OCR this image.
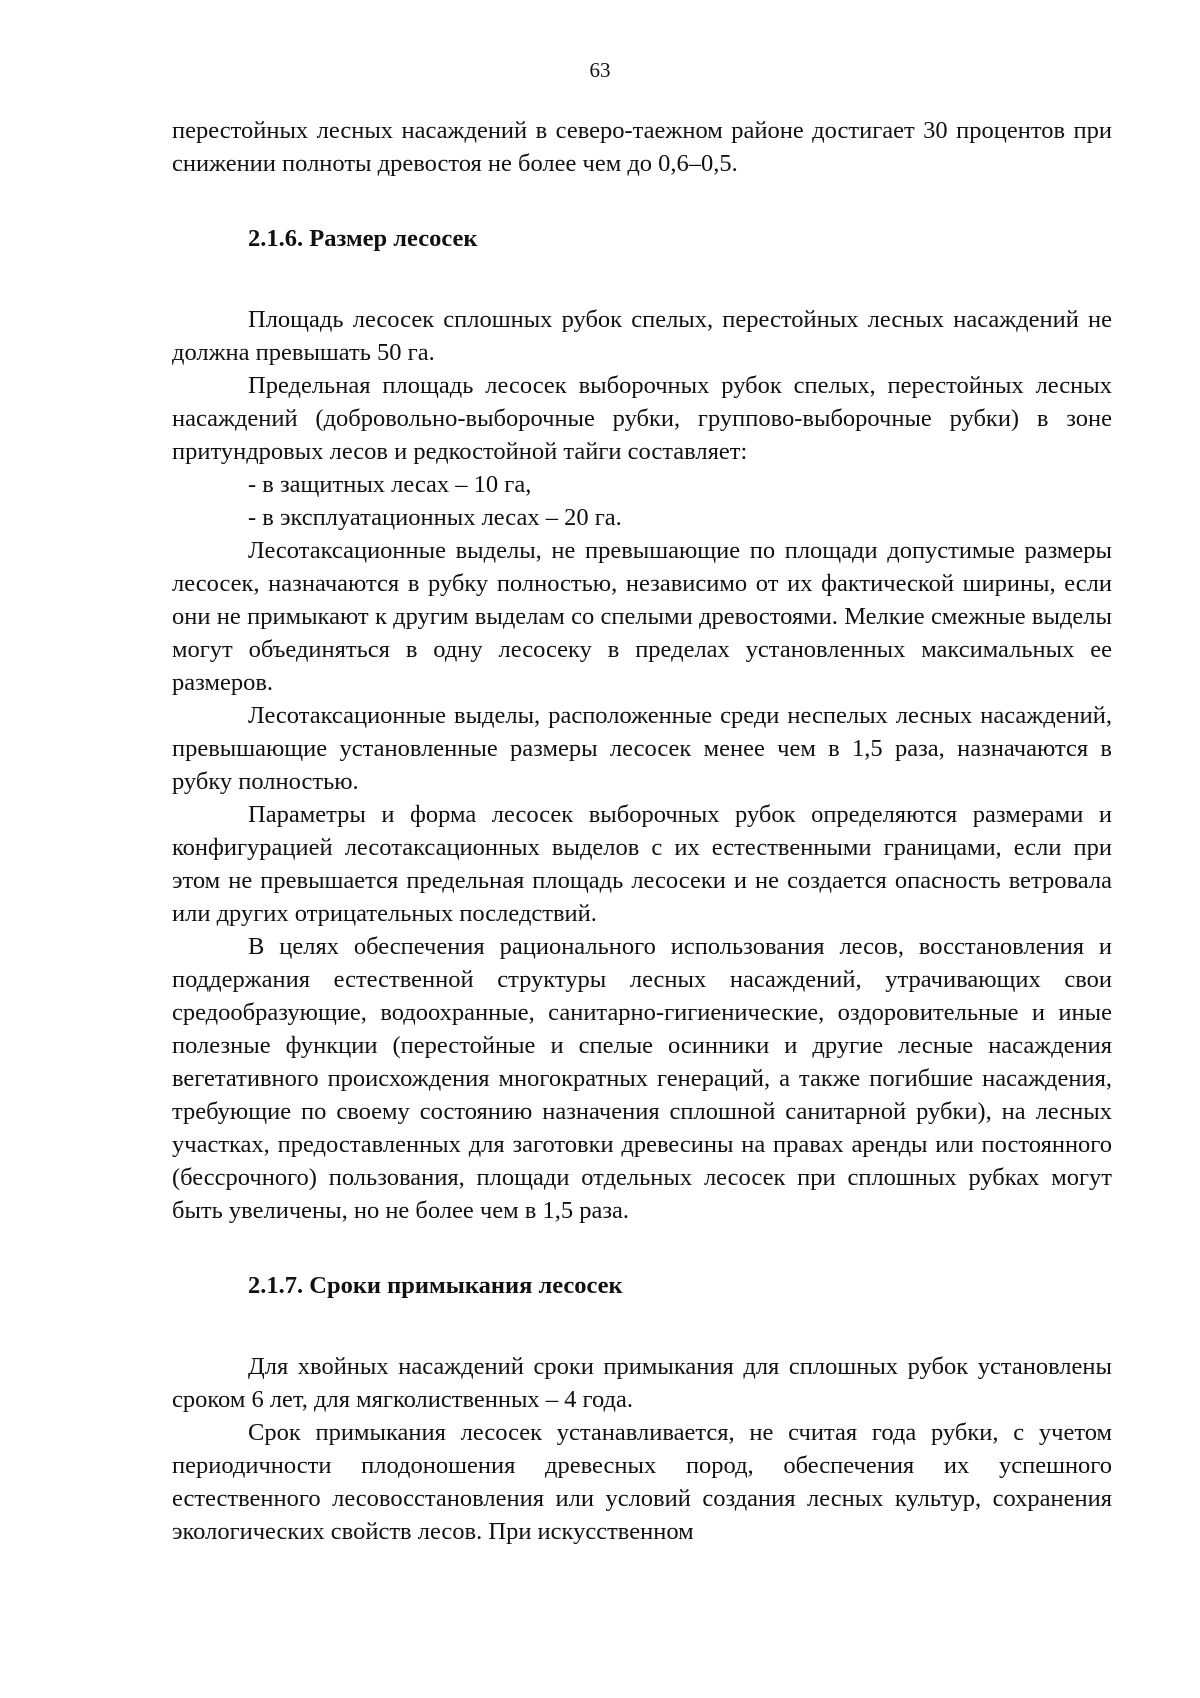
63

перестойных лесных насаждений в северо-таежном районе достигает 30 процентов при снижении полноты древостоя не более чем до 0,6–0,5.

2.1.6. Размер лесосек

Площадь лесосек сплошных рубок спелых, перестойных лесных насаждений не должна превышать 50 га.

Предельная площадь лесосек выборочных рубок спелых, перестойных лесных насаждений (добровольно-выборочные рубки, группово-выборочные рубки) в зоне притундровых лесов и редкостойной тайги составляет:

- в защитных лесах – 10 га,

- в эксплуатационных лесах – 20 га.

Лесотаксационные выделы, не превышающие по площади допустимые размеры лесосек, назначаются в рубку полностью, независимо от их фактической ширины, если они не примыкают к другим выделам со спелыми древостоями. Мелкие смежные выделы могут объединяться в одну лесосеку в пределах установленных максимальных ее размеров.

Лесотаксационные выделы, расположенные среди неспелых лесных насаждений, превышающие установленные размеры лесосек менее чем в 1,5 раза, назначаются в рубку полностью.

Параметры и форма лесосек выборочных рубок определяются размерами и конфигурацией лесотаксационных выделов с их естественными границами, если при этом не превышается предельная площадь лесосеки и не создается опасность ветровала или других отрицательных последствий.

В целях обеспечения рационального использования лесов, восстановления и поддержания естественной структуры лесных насаждений, утрачивающих свои средообразующие, водоохранные, санитарно-гигиенические, оздоровительные и иные полезные функции (перестойные и спелые осинники и другие лесные насаждения вегетативного происхождения многократных генераций, а также погибшие насаждения, требующие по своему состоянию назначения сплошной санитарной рубки), на лесных участках, предоставленных для заготовки древесины на правах аренды или постоянного (бессрочного) пользования, площади отдельных лесосек при сплошных рубках могут быть увеличены, но не более чем в 1,5 раза.

2.1.7. Сроки примыкания лесосек

Для хвойных насаждений сроки примыкания для сплошных рубок установлены сроком 6 лет, для мягколиственных – 4 года.

Срок примыкания лесосек устанавливается, не считая года рубки, с учетом периодичности плодоношения древесных пород, обеспечения их успешного естественного лесовосстановления или условий создания лесных культур, сохранения экологических свойств лесов. При искусственном
